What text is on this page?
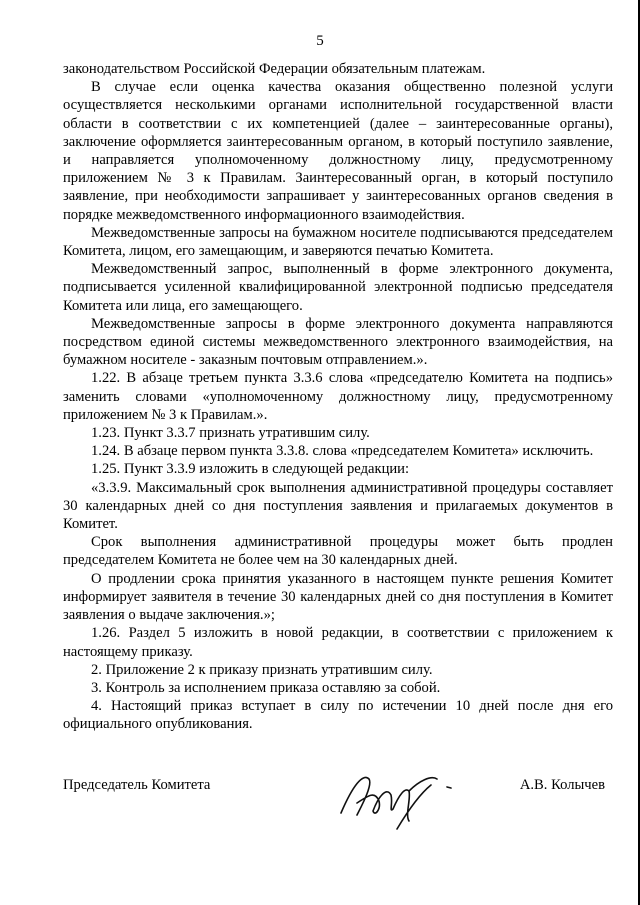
5

законодательством Российской Федерации обязательным платежам.

В случае если оценка качества оказания общественно полезной услуги осуществляется несколькими органами исполнительной государственной власти области в соответствии с их компетенцией (далее – заинтересованные органы), заключение оформляется заинтересованным органом, в который поступило заявление, и направляется уполномоченному должностному лицу, предусмотренному приложением № 3 к Правилам. Заинтересованный орган, в который поступило заявление, при необходимости запрашивает у заинтересованных органов сведения в порядке межведомственного информационного взаимодействия.

Межведомственные запросы на бумажном носителе подписываются председателем Комитета, лицом, его замещающим, и заверяются печатью Комитета.

Межведомственный запрос, выполненный в форме электронного документа, подписывается усиленной квалифицированной электронной подписью председателя Комитета или лица, его замещающего.

Межведомственные запросы в форме электронного документа направляются посредством единой системы межведомственного электронного взаимодействия, на бумажном носителе - заказным почтовым отправлением.».

1.22. В абзаце третьем пункта 3.3.6 слова «председателю Комитета на подпись» заменить словами «уполномоченному должностному лицу, предусмотренному приложением № 3 к Правилам.».

1.23. Пункт 3.3.7 признать утратившим силу.

1.24. В абзаце первом пункта 3.3.8. слова «председателем Комитета» исключить.

1.25. Пункт 3.3.9 изложить в следующей редакции:

«3.3.9. Максимальный срок выполнения административной процедуры составляет 30 календарных дней со дня поступления заявления и прилагаемых документов в Комитет.

Срок выполнения административной процедуры может быть продлен председателем Комитета не более чем на 30 календарных дней.

О продлении срока принятия указанного в настоящем пункте решения Комитет информирует заявителя в течение 30 календарных дней со дня поступления в Комитет заявления о выдаче заключения.»;

1.26. Раздел 5 изложить в новой редакции, в соответствии с приложением к настоящему приказу.

2. Приложение 2 к приказу признать утратившим силу.

3. Контроль за исполнением приказа оставляю за собой.

4. Настоящий приказ вступает в силу по истечении 10 дней после дня его официального опубликования.

Председатель Комитета	А.В. Колычев
